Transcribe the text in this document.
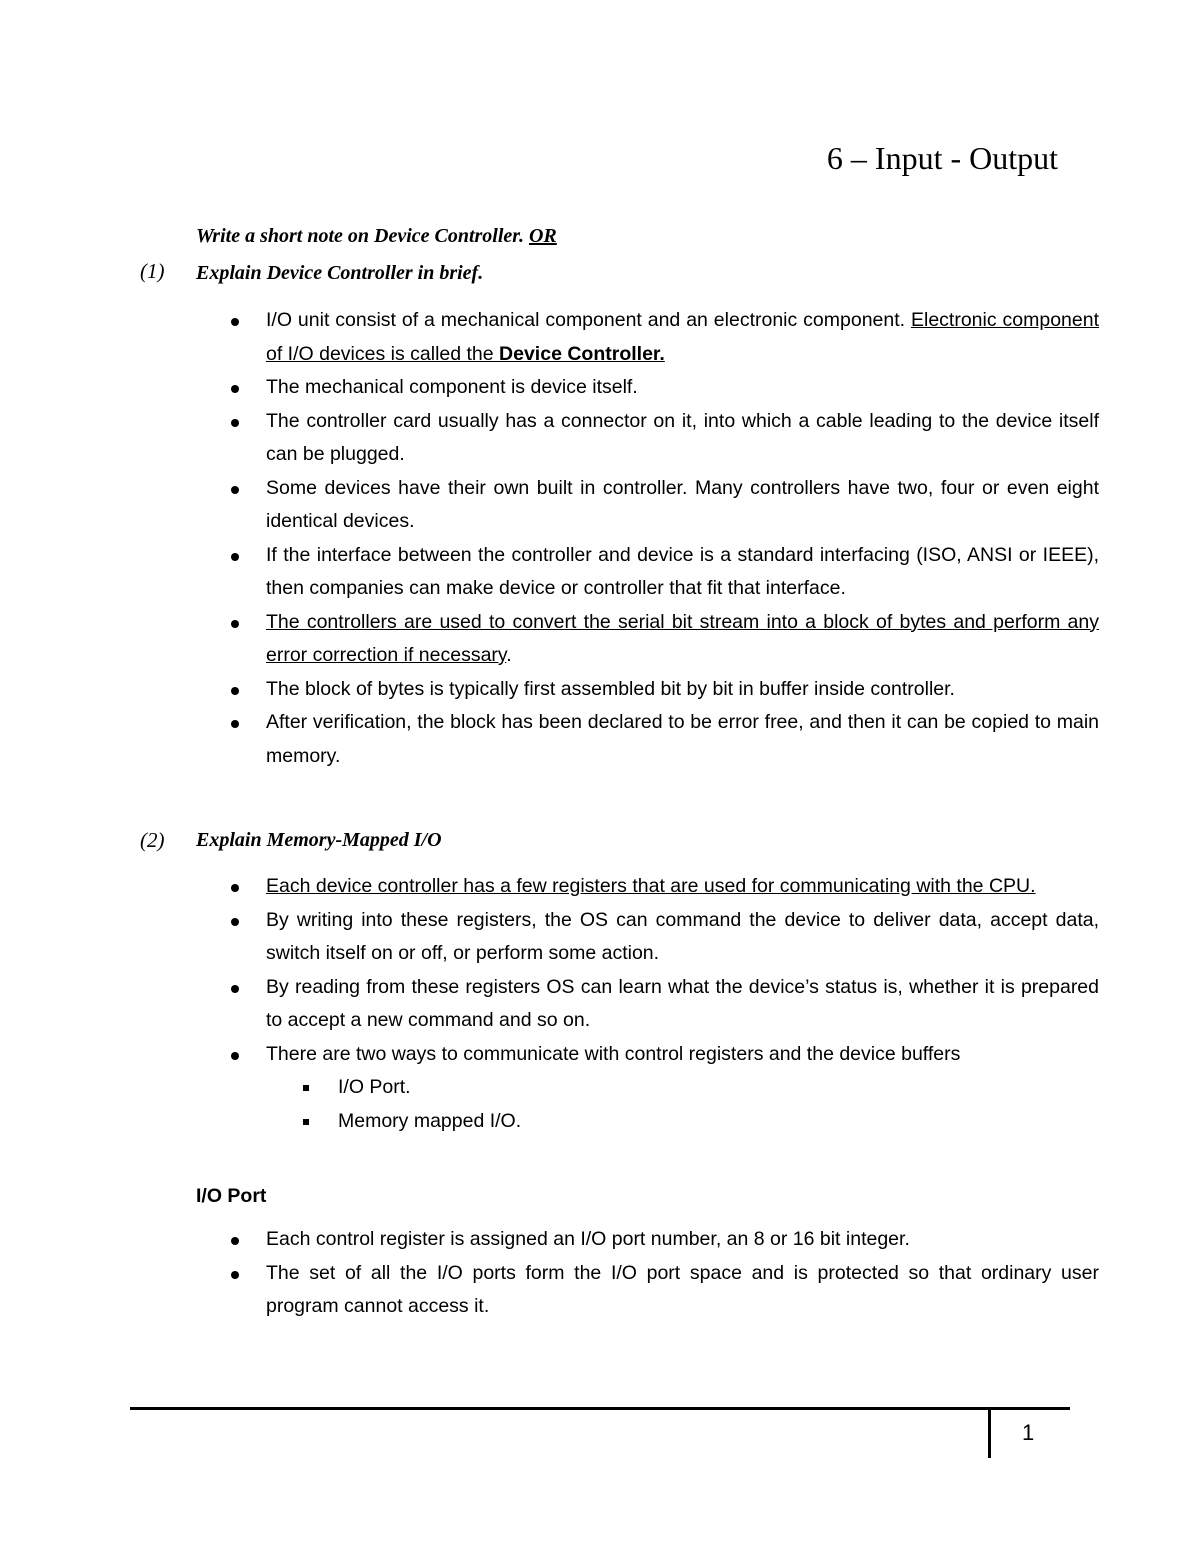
6 – Input - Output
Write a short note on Device Controller. OR
(1) Explain Device Controller in brief.
I/O unit consist of a mechanical component and an electronic component. Electronic component of I/O devices is called the Device Controller.
The mechanical component is device itself.
The controller card usually has a connector on it, into which a cable leading to the device itself can be plugged.
Some devices have their own built in controller. Many controllers have two, four or even eight identical devices.
If the interface between the controller and device is a standard interfacing (ISO, ANSI or IEEE), then companies can make device or controller that fit that interface.
The controllers are used to convert the serial bit stream into a block of bytes and perform any error correction if necessary.
The block of bytes is typically first assembled bit by bit in buffer inside controller.
After verification, the block has been declared to be error free, and then it can be copied to main memory.
(2) Explain Memory-Mapped I/O
Each device controller has a few registers that are used for communicating with the CPU.
By writing into these registers, the OS can command the device to deliver data, accept data, switch itself on or off, or perform some action.
By reading from these registers OS can learn what the device’s status is, whether it is prepared to accept a new command and so on.
There are two ways to communicate with control registers and the device buffers
I/O Port.
Memory mapped I/O.
I/O Port
Each control register is assigned an I/O port number, an 8 or 16 bit integer.
The set of all the I/O ports form the I/O port space and is protected so that ordinary user program cannot access it.
1
